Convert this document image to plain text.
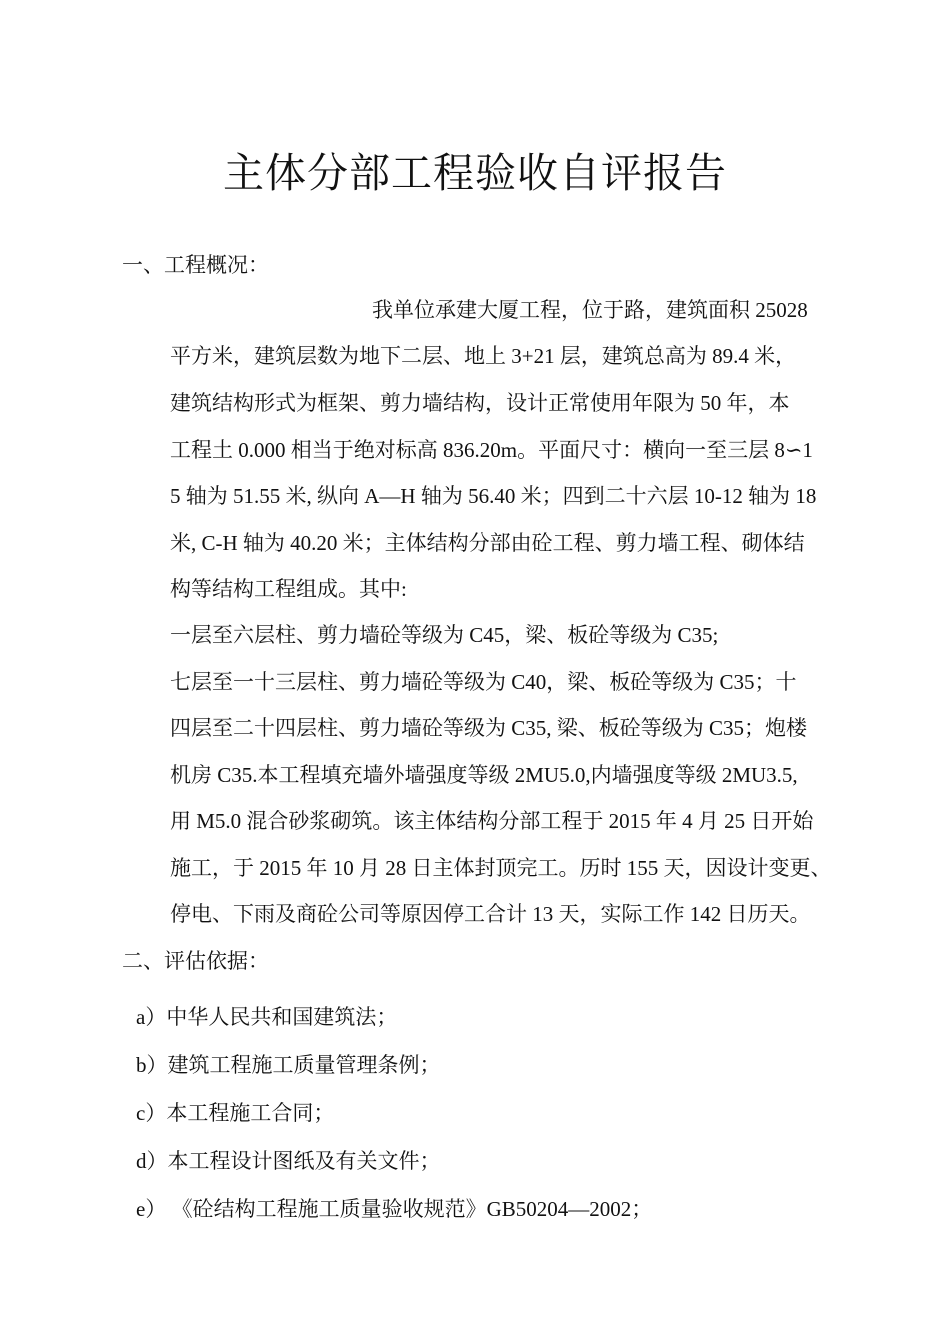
主体分部工程验收自评报告
一、工程概况：
我单位承建大厦工程，位于路，建筑面积 25028
平方米，建筑层数为地下二层、地上 3+21 层，建筑总高为 89.4 米，
建筑结构形式为框架、剪力墙结构，设计正常使用年限为 50 年，本
工程土 0.000 相当于绝对标高 836.20m。平面尺寸：横向一至三层 8∽1
5 轴为 51.55 米, 纵向 A—H 轴为 56.40 米；四到二十六层 10-12 轴为 18
米, C-H 轴为 40.20 米；主体结构分部由砼工程、剪力墙工程、砌体结
构等结构工程组成。其中:
一层至六层柱、剪力墙砼等级为 C45，梁、板砼等级为 C35;
七层至一十三层柱、剪力墙砼等级为 C40，梁、板砼等级为 C35；十
四层至二十四层柱、剪力墙砼等级为 C35, 梁、板砼等级为 C35；炮楼
机房 C35.本工程填充墙外墙强度等级 2MU5.0,内墙强度等级 2MU3.5,
用 M5.0 混合砂浆砌筑。该主体结构分部工程于 2015 年 4 月 25 日开始
施工，于 2015 年 10 月 28 日主体封顶完工。历时 155 天，因设计变更、
停电、下雨及商砼公司等原因停工合计 13 天，实际工作 142 日历天。
二、评估依据：
a）中华人民共和国建筑法；
b）建筑工程施工质量管理条例；
c）本工程施工合同；
d）本工程设计图纸及有关文件；
e） 《砼结构工程施工质量验收规范》GB50204—2002；
